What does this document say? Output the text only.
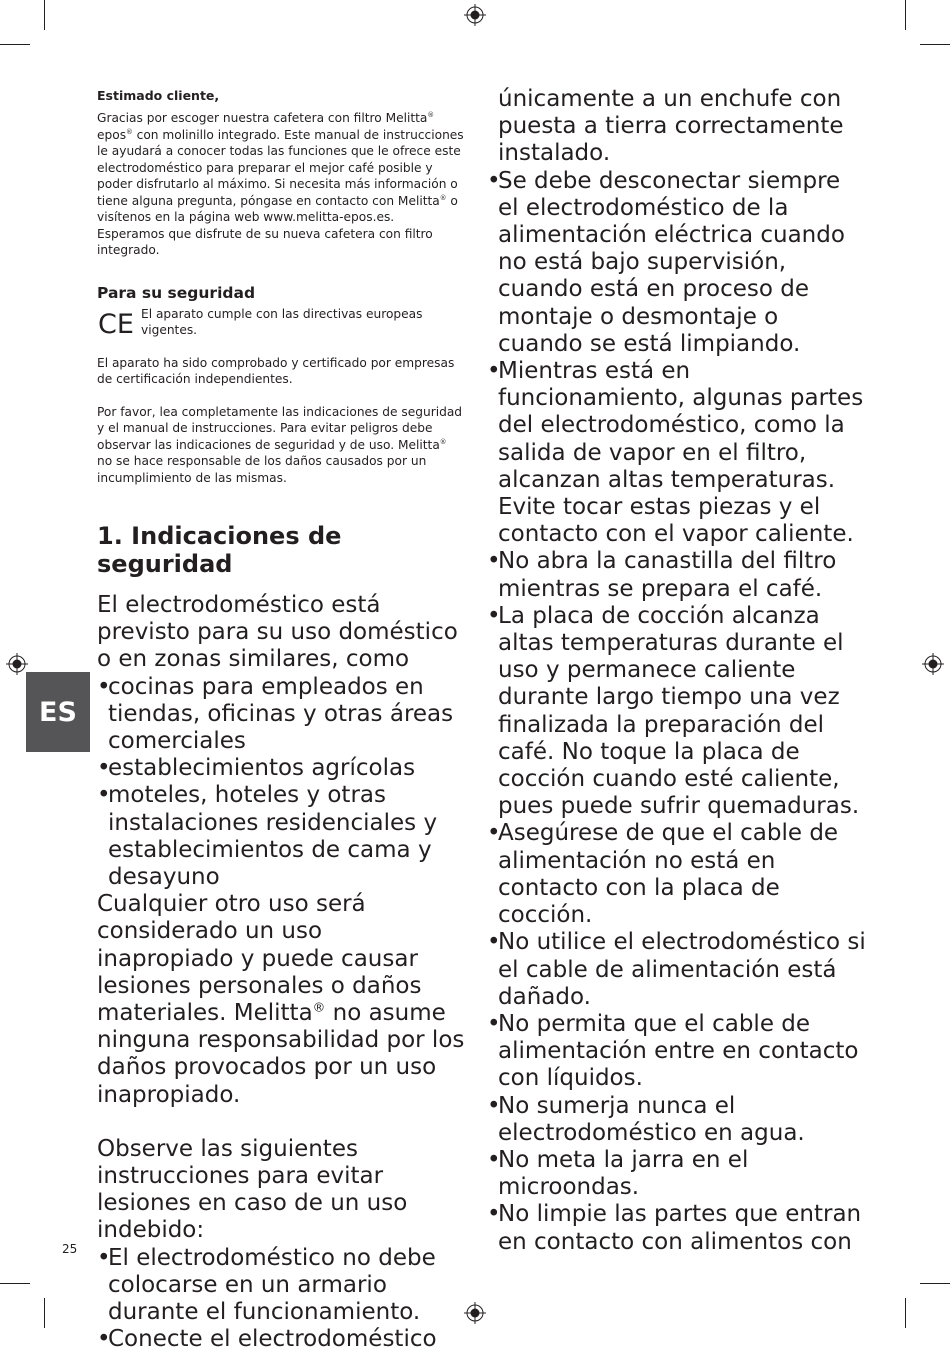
ES
25
Estimado cliente,

Gracias por escoger nuestra cafetera con filtro Melitta® epos® con molinillo integrado. Este manual de instrucciones le ayudará a conocer todas las funciones que le ofrece este electrodoméstico para preparar el mejor café posible y poder disfrutarlo al máximo. Si necesita más información o tiene alguna pregunta, póngase en contacto con Melitta® o visítenos en la página web www.melitta-epos.es. Esperamos que disfrute de su nueva cafetera con filtro integrado.

Para su seguridad
CE El aparato cumple con las directivas europeas vigentes.

El aparato ha sido comprobado y certificado por empresas de certificación independientes.

Por favor, lea completamente las indicaciones de seguridad y el manual de instrucciones. Para evitar peligros debe observar las indicaciones de seguridad y de uso. Melitta® no se hace responsable de los daños causados por un incumplimiento de las mismas.

1. Indicaciones de seguridad

El electrodoméstico está previsto para su uso doméstico o en zonas similares, como

•
cocinas para empleados en tiendas, oficinas y otras áreas comerciales
•
establecimientos agrícolas
•
moteles, hoteles y otras instalaciones residenciales y establecimientos de cama y desayuno

Cualquier otro uso será considerado un uso inapropiado y puede causar lesiones personales o daños materiales. Melitta® no asume ninguna responsabilidad por los daños provocados por un uso inapropiado.

Observe las siguientes instrucciones para evitar lesiones en caso de un uso indebido:

•
El electrodoméstico no debe colocarse en un armario durante el funcionamiento.
•
Conecte el electrodoméstico
únicamente a un enchufe con puesta a tierra correctamente instalado.
•
Se debe desconectar siempre el electrodoméstico de la alimentación eléctrica cuando no está bajo supervisión, cuando está en proceso de montaje o desmontaje o cuando se está limpiando.
•
Mientras está en funcionamiento, algunas partes del electrodoméstico, como la salida de vapor en el filtro, alcanzan altas temperaturas. Evite tocar estas piezas y el contacto con el vapor caliente.
•
No abra la canastilla del filtro mientras se prepara el café.
•
La placa de cocción alcanza altas temperaturas durante el uso y permanece caliente durante largo tiempo una vez finalizada la preparación del café. No toque la placa de cocción cuando esté caliente, pues puede sufrir quemaduras.
•
Asegúrese de que el cable de alimentación no está en contacto con la placa de cocción.
•
No utilice el electrodoméstico si el cable de alimentación está dañado.
•
No permita que el cable de alimentación entre en contacto con líquidos.
•
No sumerja nunca el electrodoméstico en agua.
•
No meta la jarra en el microondas.
•
No limpie las partes que entran en contacto con alimentos con
